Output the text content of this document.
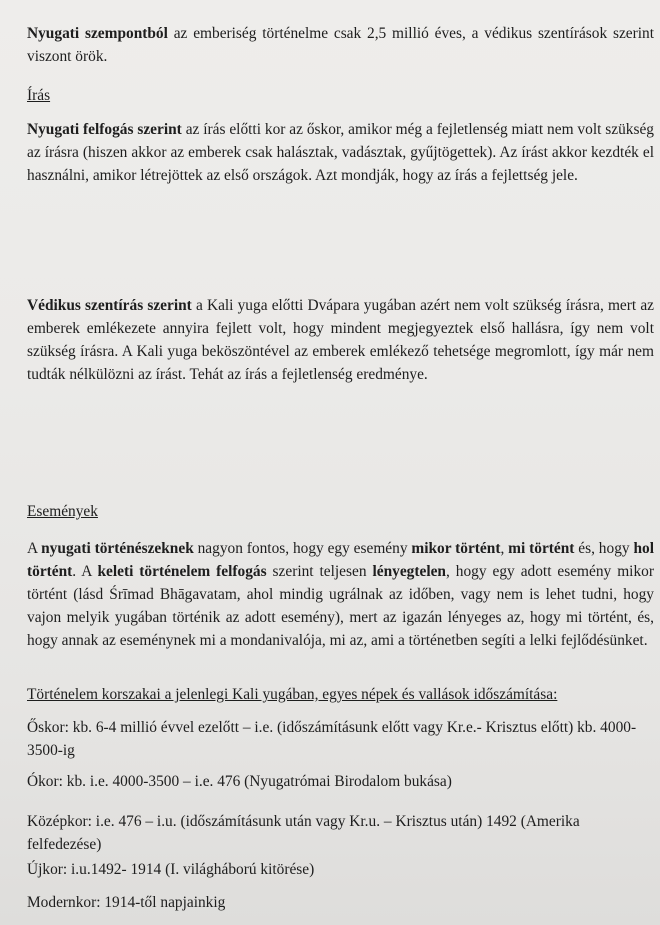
Nyugati szempontból az emberiség történelme csak 2,5 millió éves, a védikus szentírások szerint viszont örök.

Írás

Nyugati felfogás szerint az írás előtti kor az őskor, amikor még a fejletlenség miatt nem volt szükség az írásra (hiszen akkor az emberek csak halásztak, vadásztak, gyűjtögettek). Az írást akkor kezdték el használni, amikor létrejöttek az első országok. Azt mondják, hogy az írás a fejlettség jele.

Védikus szentírás szerint a Kali yuga előtti Dvápara yugában azért nem volt szükség írásra, mert az emberek emlékezete annyira fejlett volt, hogy mindent megjegyeztek első hallásra, így nem volt szükség írásra. A Kali yuga beköszöntével az emberek emlékező tehetsége megromlott, így már nem tudták nélkülözni az írást. Tehát az írás a fejletlenség eredménye.

Események

A nyugati történészeknek nagyon fontos, hogy egy esemény mikor történt, mi történt és, hogy hol történt. A keleti történelem felfogás szerint teljesen lényegtelen, hogy egy adott esemény mikor történt (lásd Śrīmad Bhāgavatam, ahol mindig ugrálnak az időben, vagy nem is lehet tudni, hogy vajon melyik yugában történik az adott esemény), mert az igazán lényeges az, hogy mi történt, és, hogy annak az eseménynek mi a mondanivalója, mi az, ami a történetben segíti a lelki fejlődésünket.

Történelem korszakai a jelenlegi Kali yugában, egyes népek és vallások időszámítása:

Őskor: kb. 6-4 millió évvel ezelőtt – i.e. (időszámításunk előtt vagy Kr.e.- Krisztus előtt) kb. 4000-3500-ig

Ókor: kb. i.e. 4000-3500 – i.e. 476 (Nyugatrómai Birodalom bukása)

Középkor: i.e. 476 – i.u. (időszámításunk után vagy Kr.u. – Krisztus után) 1492 (Amerika felfedezése)

Újkor: i.u.1492- 1914 (I. világháború kitörése)

Modernkor: 1914-től napjainkig
